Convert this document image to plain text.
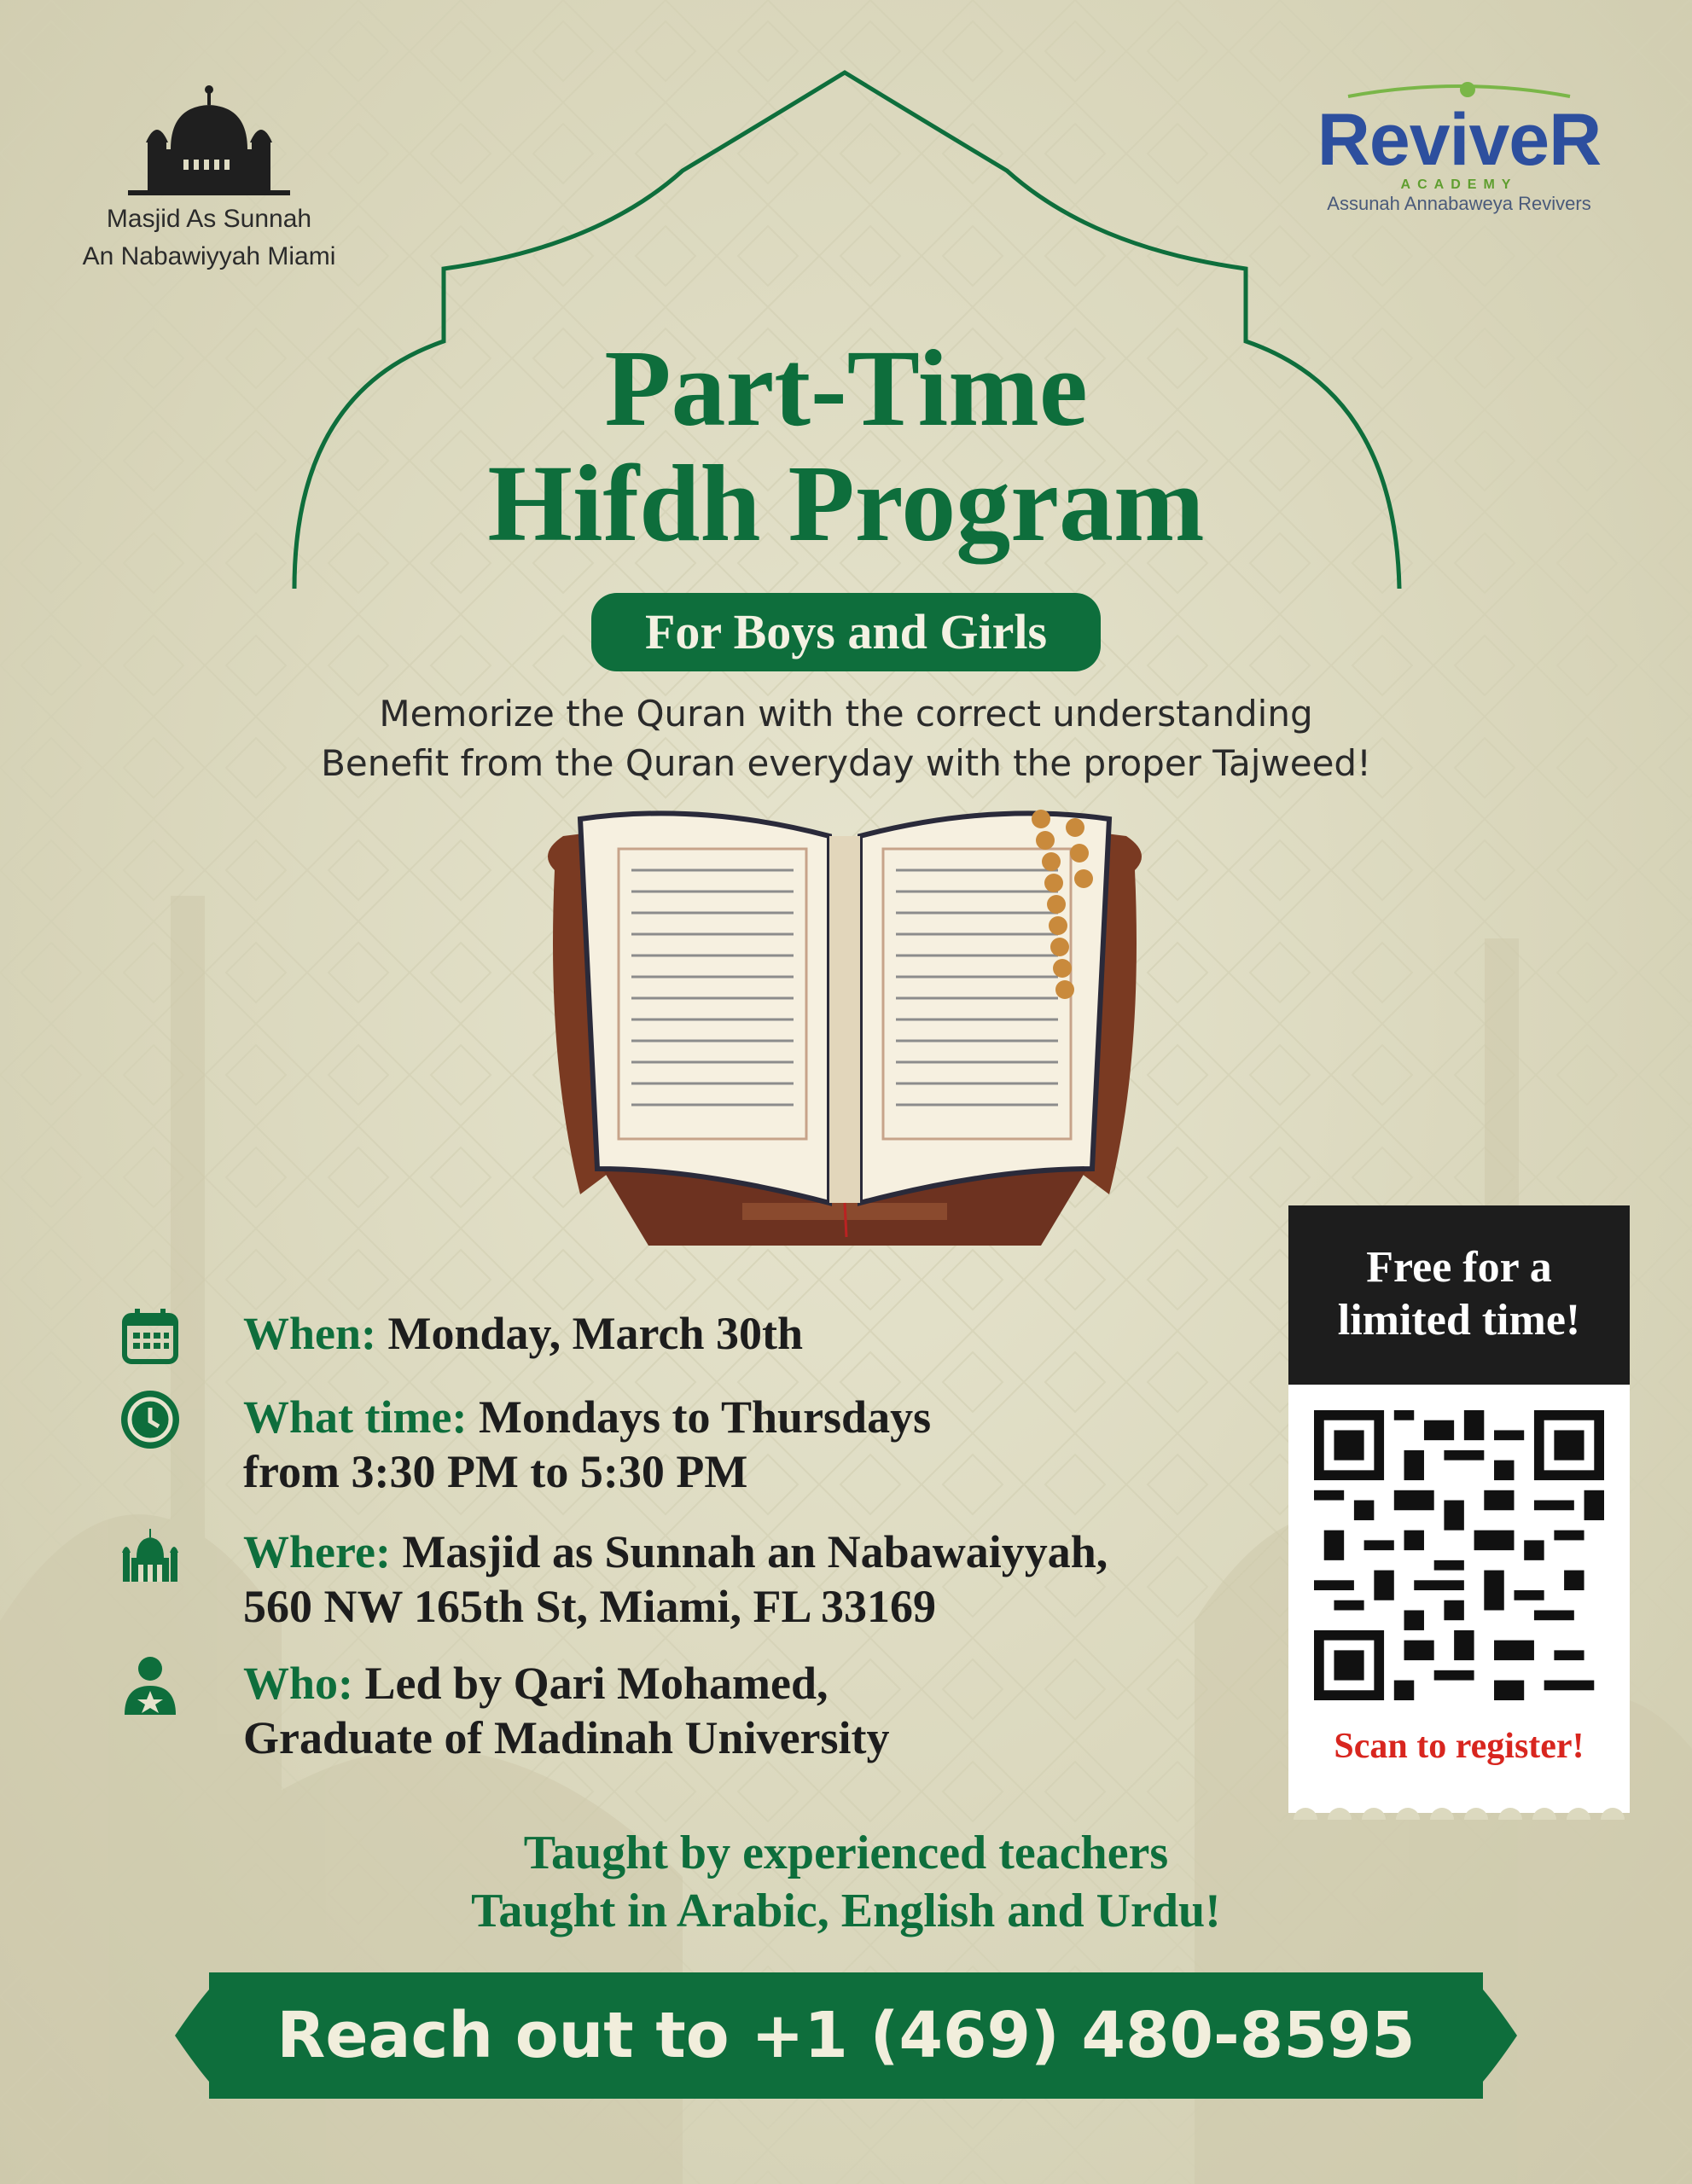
Masjid As Sunnah
An Nabawiyyah Miami
ReviveR
ACADEMY
Assunah Annabaweya Revivers
Part-Time
Hifdh Program
For Boys and Girls
Memorize the Quran with the correct understanding
Benefit from the Quran everyday with the proper Tajweed!
When: Monday, March 30th
What time: Mondays to Thursdays
from 3:30 PM to 5:30 PM
Where: Masjid as Sunnah an Nabawaiyyah,
560 NW 165th St, Miami, FL 33169
Who: Led by Qari Mohamed,
Graduate of Madinah University
Free for a
limited time!
Scan to register!
Taught by experienced teachers
Taught in Arabic, English and Urdu!
Reach out to +1 (469) 480-8595
